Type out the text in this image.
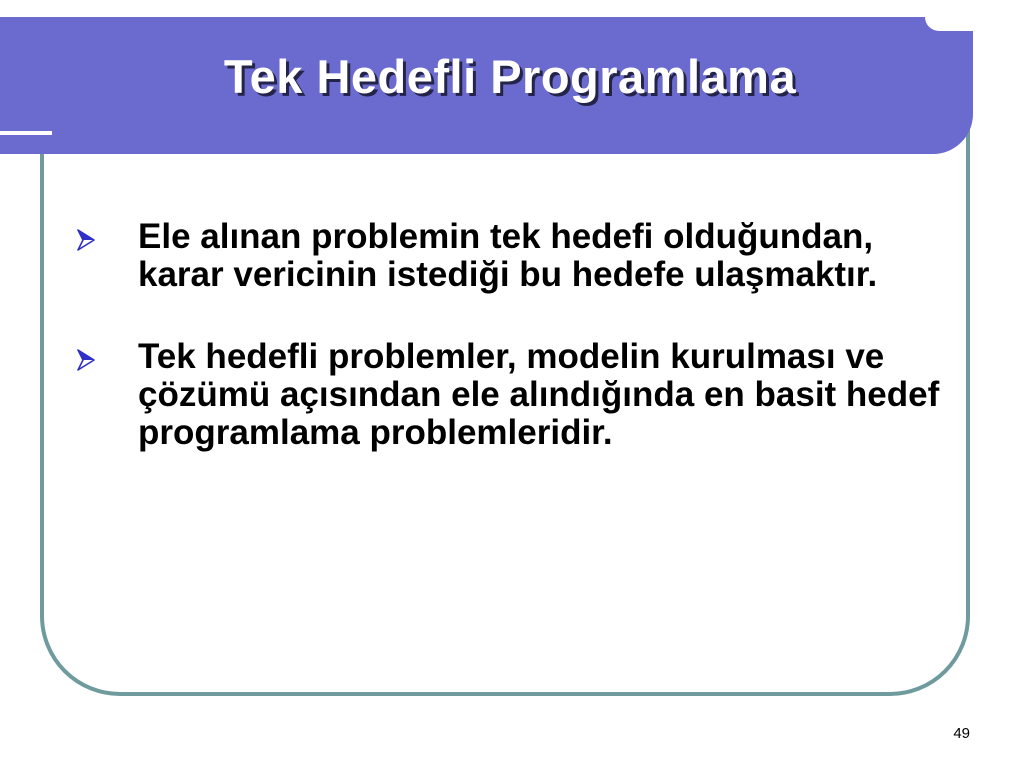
Tek Hedefli Programlama
Ele alınan problemin tek hedefi olduğundan, karar vericinin istediği bu hedefe ulaşmaktır.
Tek hedefli problemler, modelin kurulması ve çözümü açısından ele alındığında en basit hedef programlama problemleridir.
49
